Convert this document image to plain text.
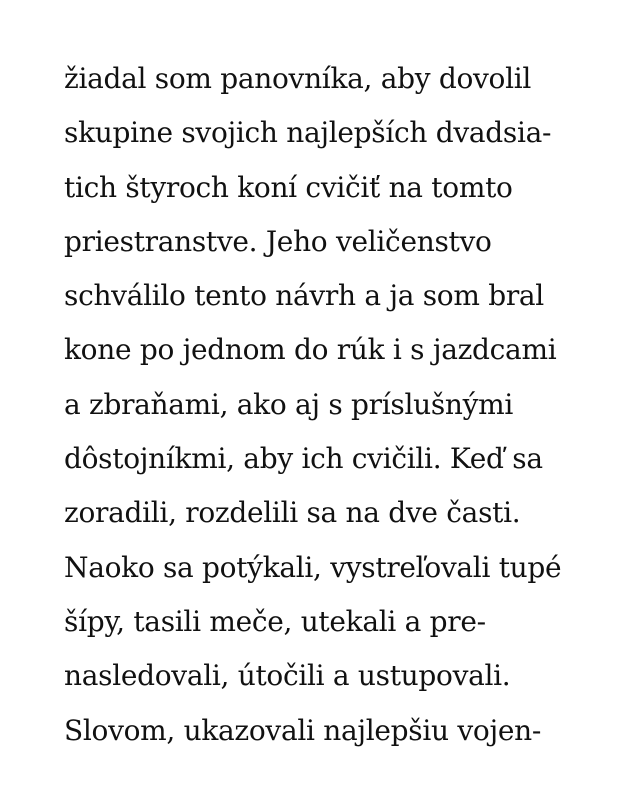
žiadal som panovníka, aby dovolil
skupine svojich najlepších dvadsia-
tich štyroch koní cvičiť na tomto
priestranstve. Jeho veličenstvo
schválilo tento návrh a ja som bral
kone po jednom do rúk i s jazdcami
a zbraňami, ako aj s príslušnými
dôstojníkmi, aby ich cvičili. Keď sa
zoradili, rozdelili sa na dve časti.
Naoko sa potýkali, vystreľovali tupé
šípy, tasili meče, utekali a pre-
nasledovali, útočili a ustupovali.
Slovom, ukazovali najlepšiu vojen-
